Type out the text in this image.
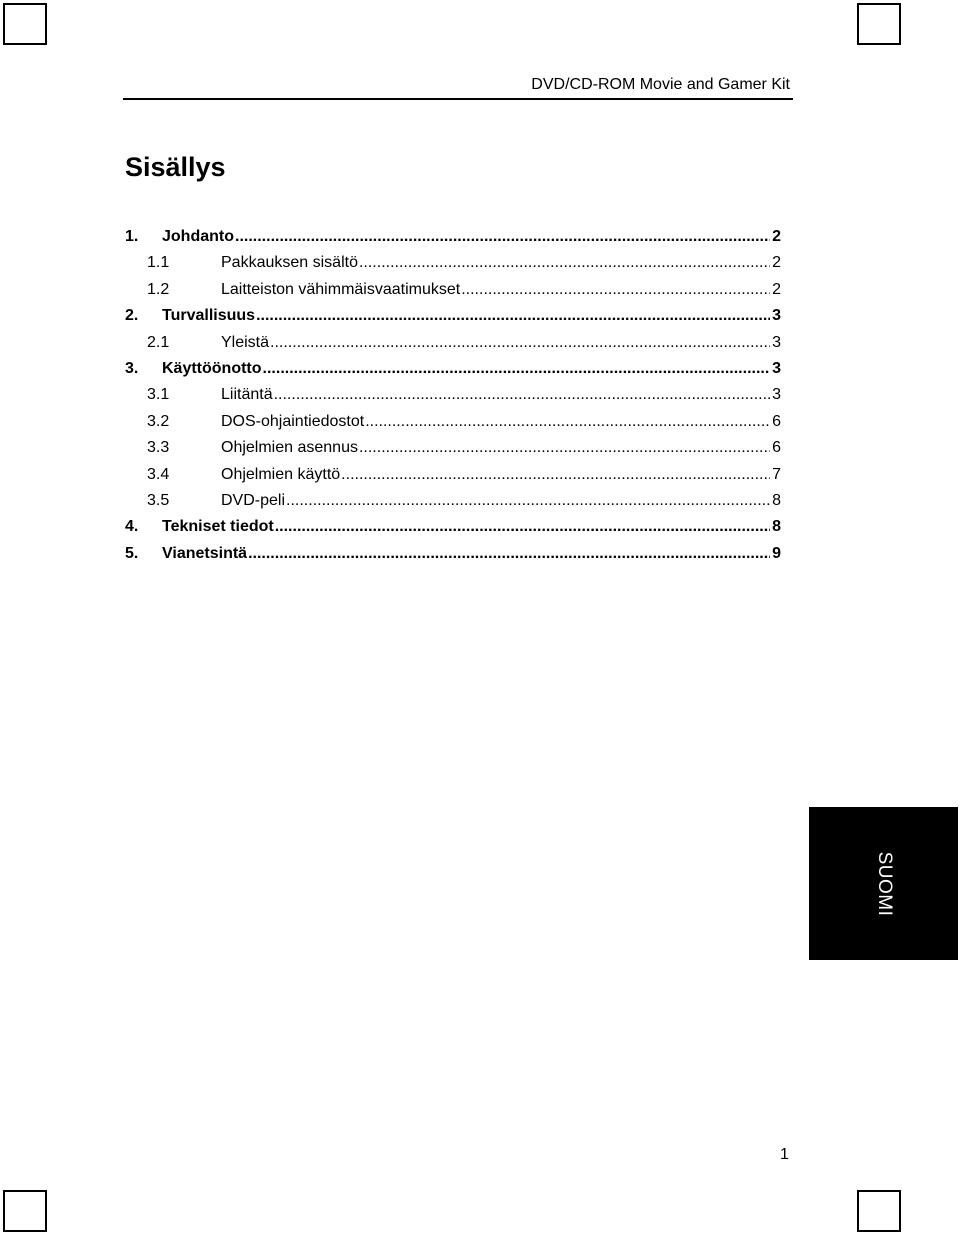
DVD/CD-ROM Movie and Gamer Kit
Sisällys
1.	Johdanto .....	2
1.1	Pakkauksen sisältö .....	2
1.2	Laitteiston vähimmäisvaatimukset .....	2
2.	Turvallisuus .....	3
2.1	Yleistä .....	3
3.	Käyttöönotto .....	3
3.1	Liitäntä .....	3
3.2	DOS-ohjaintiedostot .....	6
3.3	Ohjelmien asennus .....	6
3.4	Ohjelmien käyttö .....	7
3.5	DVD-peli .....	8
4.	Tekniset tiedot .....	8
5.	Vianetsintä .....	9
SUOMI
1
